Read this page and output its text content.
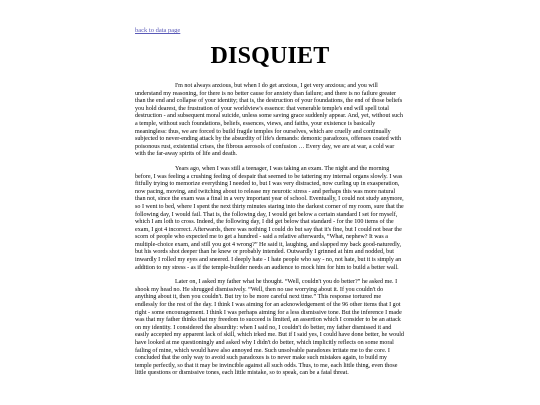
back to data page
DISQUIET

I'm not always anxious, but when I do get anxious, I get very anxious; and you will understand my reasoning, for there is no better cause for anxiety than failure; and there is no failure greater than the end and collapse of your identity; that is, the destruction of your foundations, the end of those beliefs you hold dearest, the frustration of your worldview's essence: that venerable temple's end will spell total destruction - and subsequent moral suicide, unless some saving grace suddenly appear. And, yet, without such a temple, without such foundations, beliefs, essences, views, and faiths, your existence is basically meaningless: thus, we are forced to build fragile temples for ourselves, which are cruelly and continually subjected to never-ending attack by the absurdity of life's demands: demonic paradoxes, offenses coated with poisonous rust, existential crises, the fibrous aerosols of confusion … Every day, we are at war, a cold war with the far-away spirits of life and death.

Years ago, when I was still a teenager, I was taking an exam. The night and the morning before, I was feeling a crushing feeling of despair that seemed to be tattering my internal organs slowly. I was fitfully trying to memorize everything I needed to, but I was very distracted, now curling up in exasperation, now pacing, moving, and twitching about to release my neurotic stress - and perhaps this was more natural than not, since the exam was a final in a very important year of school. Eventually, I could not study anymore, so I went to bed, where I spent the next thirty minutes staring into the darkest corner of my room, sure that the following day, I would fail. That is, the following day, I would get below a certain standard I set for myself, which I am loth to cross. Indeed, the following day, I did get below that standard - for the 100 items of the exam, I got 4 incorrect. Afterwards, there was nothing I could do but say that it's fine, but I could not bear the scorn of people who expected me to get a hundred - said a relative afterwards, “What, nephew? It was a multiple-choice exam, and still you got 4 wrong?” He said it, laughing, and slapped my back good-naturedly, but his words shot deeper than he knew or probably intended. Outwardly I grinned at him and nodded, but inwardly I rolled my eyes and sneered. I deeply hate - I hate people who say - no, not hate, but it is simply an addition to my stress - as if the temple-builder needs an audience to mock him for him to build a better wall.

Later on, I asked my father what he thought. “Well, couldn't you do better?” he asked me. I shook my head no. He shrugged dismissively. “Well, then no use worrying about it. If you couldn't do anything about it, then you couldn't. But try to be more careful next time.” This response tortured me endlessly for the rest of the day. I think I was aiming for an acknowledgement of the 96 other items that I got right - some encouragement. I think I was perhaps aiming for a less dismissive tone. But the inference I made was that my father thinks that my freedom to succeed is limited, an assertion which I consider to be an attack on my identity. I considered the absurdity: when I said no, I couldn't do better, my father dismissed it and easily accepted my apparent lack of skill, which irked me. But if I said yes, I could have done better, he would have looked at me questioningly and asked why I didn't do better, which implicitly reflects on some moral failing of mine, which would have also annoyed me. Such unsolvable paradoxes irritate me to the core. I concluded that the only way to avoid such paradoxes is to never make such mistakes again, to build my temple perfectly, so that it may be invincible against all such odds. Thus, to me, each little thing, even those little questions or dismissive tones, each little mistake, so to speak, can be a fatal threat.
